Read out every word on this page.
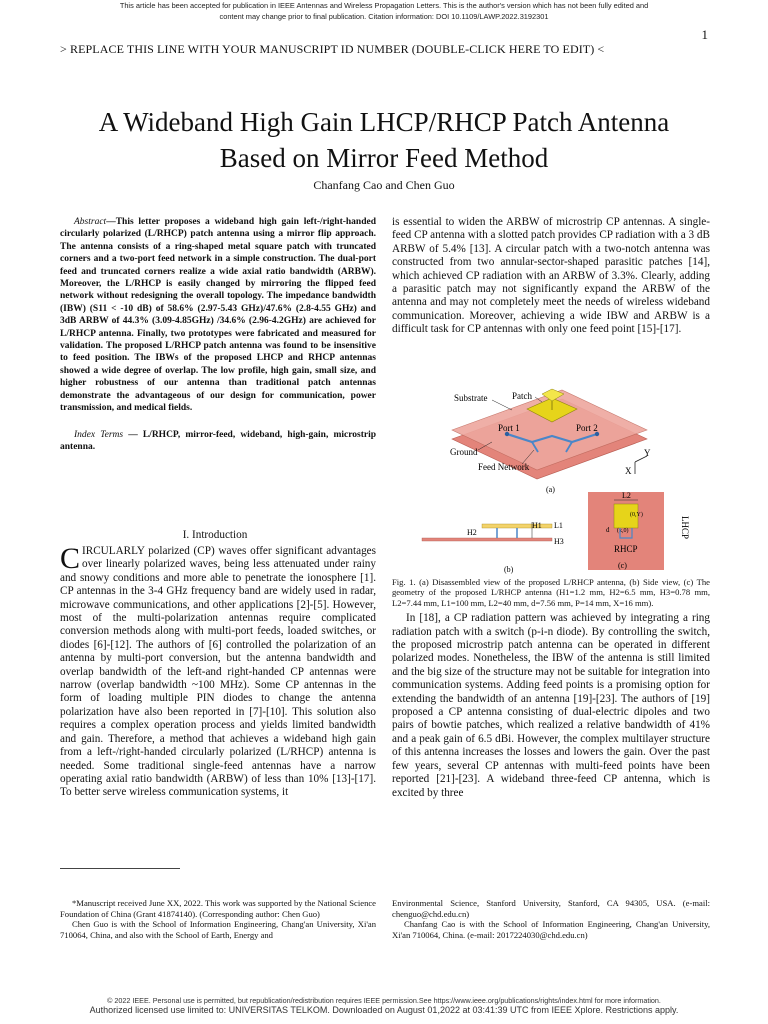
This article has been accepted for publication in IEEE Antennas and Wireless Propagation Letters. This is the author's version which has not been fully edited and
content may change prior to final publication. Citation information: DOI 10.1109/LAWP.2022.3192301
1
> REPLACE THIS LINE WITH YOUR MANUSCRIPT ID NUMBER (DOUBLE-CLICK HERE TO EDIT) <
A Wideband High Gain LHCP/RHCP Patch Antenna
Based on Mirror Feed Method
Chanfang Cao and Chen Guo

Abstract—This letter proposes a wideband high gain left-/right-handed circularly polarized (L/RHCP) patch antenna using a mirror flip approach. The antenna consists of a ring-shaped metal square patch with truncated corners and a two-port feed network in a simple construction. The dual-port feed and truncated corners realize a wide axial ratio bandwidth (ARBW). Moreover, the L/RHCP is easily changed by mirroring the flipped feed network without redesigning the overall topology. The impedance bandwidth (IBW) (S11 < -10 dB) of 58.6% (2.97-5.43 GHz)/47.6% (2.8-4.55 GHz) and 3dB ARBW of 44.3% (3.09-4.85GHz) /34.6% (2.96-4.2GHz) are achieved for L/RHCP antenna. Finally, two prototypes were fabricated and measured for validation. The proposed L/RHCP patch antenna was found to be insensitive to feed position. The IBWs of the proposed LHCP and RHCP antennas showed a wide degree of overlap. The low profile, high gain, small size, and higher robustness of our antenna than traditional patch antennas demonstrate the advantageous of our design for communication, power transmission, and medical fields.

Index Terms — L/RHCP, mirror-feed, wideband, high-gain, microstrip antenna.

I. Introduction

CIRCULARLY polarized (CP) waves offer significant advantages over linearly polarized waves, being less attenuated under rainy and snowy conditions and more able to penetrate the ionosphere [1]. CP antennas in the 3-4 GHz frequency band are widely used in radar, microwave communications, and other applications [2]-[5]. However, most of the multi-polarization antennas require complicated conversion methods along with multi-port feeds, loaded switches, or diodes [6]-[12]. The authors of [6] controlled the polarization of an antenna by multi-port conversion, but the antenna bandwidth and overlap bandwidth of the left-and right-handed CP antennas were narrow (overlap bandwidth ~100 MHz). Some CP antennas in the form of loading multiple PIN diodes to change the antenna polarization have also been reported in [7]-[10]. This solution also requires a complex operation process and yields limited bandwidth and gain. Therefore, a method that achieves a wideband high gain from a left-/right-handed circularly polarized (L/RHCP) antenna is needed. Some traditional single-feed antennas have a narrow operating axial ratio bandwidth (ARBW) of less than 10% [13]-[17]. To better serve wireless communication systems, it

is essential to widen the ARBW of microstrip CP antennas. A single-feed CP antenna with a slotted patch provides CP radiation with a 3 dB ARBW of 5.4% [13]. A circular patch with a two-notch antenna was constructed from two annular-sector-shaped parasitic patches [14], which achieved CP radiation with an ARBW of 3.3%. Clearly, adding a parasitic patch may not significantly expand the ARBW of the antenna and may not completely meet the needs of wireless wideband communication. Moreover, achieving a wide IBW and ARBW is a difficult task for CP antennas with only one feed point [15]-[17].

Substrate	Patch
Port 1	Port 2
Ground
Feed Network
Y
X
(a)
H1
H2
H3
L1
(b)
L2
(0,Y)
(x,0)
d
RHCP
LHCP
(c)

Fig. 1. (a) Disassembled view of the proposed L/RHCP antenna, (b) Side view, (c) The geometry of the proposed L/RHCP antenna (H1=1.2 mm, H2=6.5 mm, H3=0.78 mm, L2=7.44 mm, L1=100 mm, L2=40 mm, d=7.56 mm, P=14 mm, X=16 mm).

In [18], a CP radiation pattern was achieved by integrating a ring radiation patch with a switch (p-i-n diode). By controlling the switch, the proposed microstrip patch antenna can be operated in different polarized modes. Nonetheless, the IBW of the antenna is still limited and the big size of the structure may not be suitable for integration into communication systems. Adding feed points is a promising option for extending the bandwidth of an antenna [19]-[23]. The authors of [19] proposed a CP antenna consisting of dual-electric dipoles and two pairs of bowtie patches, which realized a relative bandwidth of 41% and a peak gain of 6.5 dBi. However, the complex multilayer structure of this antenna increases the losses and lowers the gain. Over the past few years, several CP antennas with multi-feed points have been reported [21]-[23]. A wideband three-feed CP antenna, which is excited by three

*Manuscript received June XX, 2022. This work was supported by the National Science Foundation of China (Grant 41874140). (Corresponding author: Chen Guo)

Chen Guo is with the School of Information Engineering, Chang'an University, Xi'an 710064, China, and also with the School of Earth, Energy and

Environmental Science, Stanford University, Stanford, CA 94305, USA. (e-mail: chenguo@chd.edu.cn)

Chanfang Cao is with the School of Information Engineering, Chang'an University, Xi'an 710064, China. (e-mail: 2017224030@chd.edu.cn)

© 2022 IEEE. Personal use is permitted, but republication/redistribution requires IEEE permission.See https://www.ieee.org/publications/rights/index.html for more information.
Authorized licensed use limited to: UNIVERSITAS TELKOM. Downloaded on August 01,2022 at 03:41:39 UTC from IEEE Xplore. Restrictions apply.
